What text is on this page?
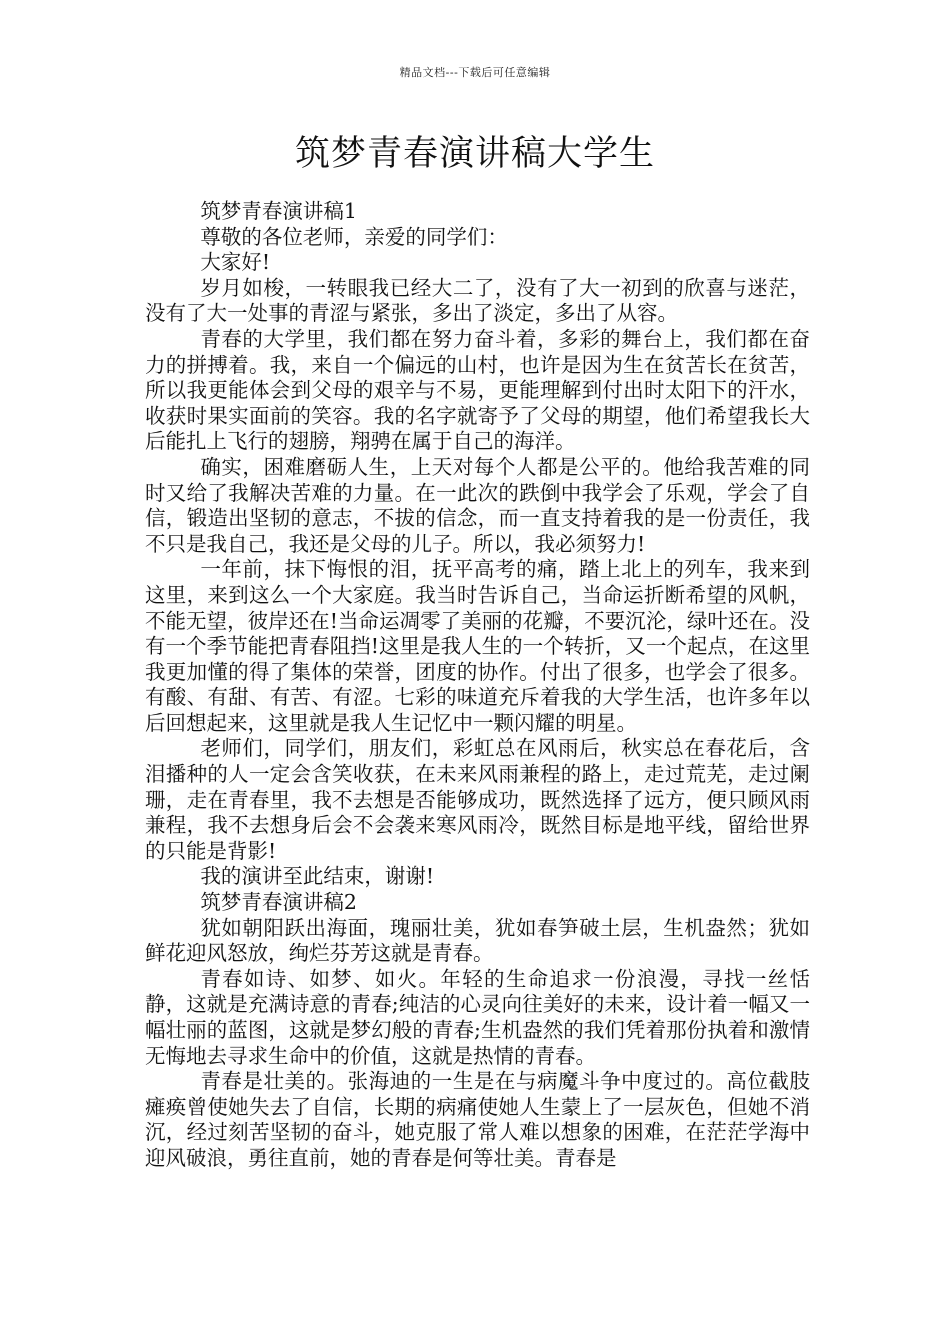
精品文档---下载后可任意编辑
筑梦青春演讲稿大学生

筑梦青春演讲稿1

尊敬的各位老师，亲爱的同学们：

大家好!

岁月如梭，一转眼我已经大二了，没有了大一初到的欣喜与迷茫，没有了大一处事的青涩与紧张，多出了淡定，多出了从容。

青春的大学里，我们都在努力奋斗着，多彩的舞台上，我们都在奋力的拼搏着。我，来自一个偏远的山村，也许是因为生在贫苦长在贫苦，所以我更能体会到父母的艰辛与不易，更能理解到付出时太阳下的汗水，收获时果实面前的笑容。我的名字就寄予了父母的期望，他们希望我长大后能扎上飞行的翅膀，翔骋在属于自己的海洋。

确实，困难磨砺人生，上天对每个人都是公平的。他给我苦难的同时又给了我解决苦难的力量。在一此次的跌倒中我学会了乐观，学会了自信，锻造出坚韧的意志，不拔的信念，而一直支持着我的是一份责任，我不只是我自己，我还是父母的儿子。所以，我必须努力!

一年前，抹下悔恨的泪，抚平高考的痛，踏上北上的列车，我来到这里，来到这么一个大家庭。我当时告诉自己，当命运折断希望的风帆，不能无望，彼岸还在!当命运凋零了美丽的花瓣，不要沉沦，绿叶还在。没有一个季节能把青春阻挡!这里是我人生的一个转折，又一个起点，在这里我更加懂的得了集体的荣誉，团度的协作。付出了很多，也学会了很多。有酸、有甜、有苦、有涩。七彩的味道充斥着我的大学生活，也许多年以后回想起来，这里就是我人生记忆中一颗闪耀的明星。

老师们，同学们，朋友们，彩虹总在风雨后，秋实总在春花后，含泪播种的人一定会含笑收获，在未来风雨兼程的路上，走过荒芜，走过阑珊，走在青春里，我不去想是否能够成功，既然选择了远方，便只顾风雨兼程，我不去想身后会不会袭来寒风雨冷，既然目标是地平线，留给世界的只能是背影!

我的演讲至此结束，谢谢!

筑梦青春演讲稿2

犹如朝阳跃出海面，瑰丽壮美，犹如春笋破土层，生机盎然；犹如鲜花迎风怒放，绚烂芬芳这就是青春。

青春如诗、如梦、如火。年轻的生命追求一份浪漫，寻找一丝恬静，这就是充满诗意的青春;纯洁的心灵向往美好的未来，设计着一幅又一幅壮丽的蓝图，这就是梦幻般的青春;生机盎然的我们凭着那份执着和激情无悔地去寻求生命中的价值，这就是热情的青春。

青春是壮美的。张海迪的一生是在与病魔斗争中度过的。高位截肢瘫痪曾使她失去了自信，长期的病痛使她人生蒙上了一层灰色，但她不消沉，经过刻苦坚韧的奋斗，她克服了常人难以想象的困难，在茫茫学海中迎风破浪，勇往直前，她的青春是何等壮美。青春是
